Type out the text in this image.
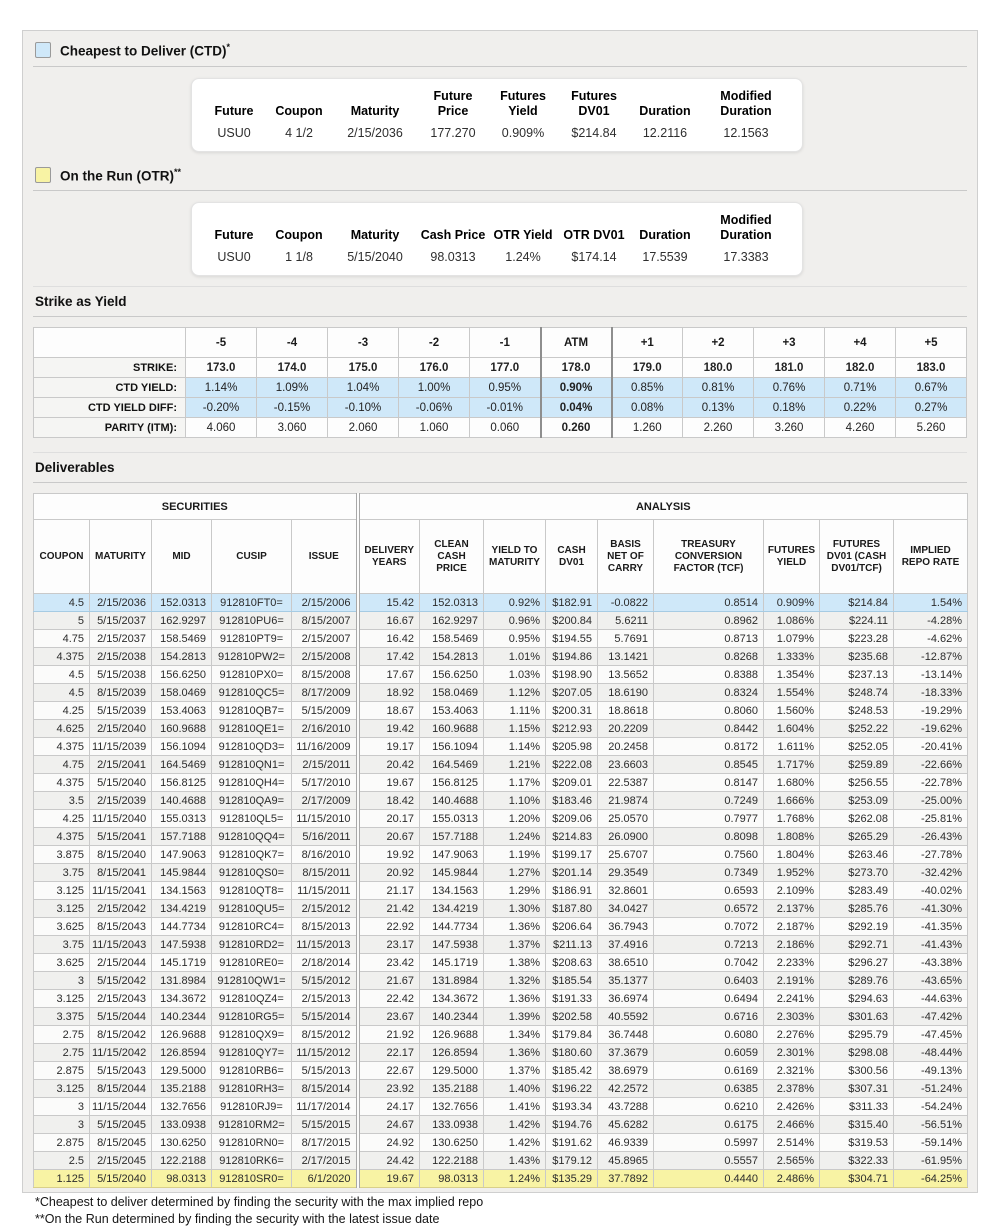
Cheapest to Deliver (CTD)*
Future	Coupon	Maturity	Future Price	Futures Yield	Futures DV01	Duration	Modified Duration
USU0	4 1/2	2/15/2036	177.270	0.909%	$214.84	12.2116	12.1563
On the Run (OTR)**
Future	Coupon	Maturity	Cash Price	OTR Yield	OTR DV01	Duration	Modified Duration
USU0	1 1/8	5/15/2040	98.0313	1.24%	$174.14	17.5539	17.3383
Strike as Yield
	-5	-4	-3	-2	-1	ATM	+1	+2	+3	+4	+5
STRIKE:	173.0	174.0	175.0	176.0	177.0	178.0	179.0	180.0	181.0	182.0	183.0
CTD YIELD:	1.14%	1.09%	1.04%	1.00%	0.95%	0.90%	0.85%	0.81%	0.76%	0.71%	0.67%
CTD YIELD DIFF:	-0.20%	-0.15%	-0.10%	-0.06%	-0.01%	0.04%	0.08%	0.13%	0.18%	0.22%	0.27%
PARITY (ITM):	4.060	3.060	2.060	1.060	0.060	0.260	1.260	2.260	3.260	4.260	5.260
Deliverables
SECURITIES					ANALYSIS								
COUPON	MATURITY	MID	CUSIP	ISSUE	DELIVERY YEARS	CLEAN CASH PRICE	YIELD TO MATURITY	CASH DV01	BASIS NET OF CARRY	TREASURY CONVERSION FACTOR (TCF)	FUTURES YIELD	FUTURES DV01 (CASH DV01/TCF)	IMPLIED REPO RATE
4.5	2/15/2036	152.0313	912810FT0=	2/15/2006	15.42	152.0313	0.92%	$182.91	-0.0822	0.8514	0.909%	$214.84	1.54%
5	5/15/2037	162.9297	912810PU6=	8/15/2007	16.67	162.9297	0.96%	$200.84	5.6211	0.8962	1.086%	$224.11	-4.28%
4.75	2/15/2037	158.5469	912810PT9=	2/15/2007	16.42	158.5469	0.95%	$194.55	5.7691	0.8713	1.079%	$223.28	-4.62%
4.375	2/15/2038	154.2813	912810PW2=	2/15/2008	17.42	154.2813	1.01%	$194.86	13.1421	0.8268	1.333%	$235.68	-12.87%
4.5	5/15/2038	156.6250	912810PX0=	8/15/2008	17.67	156.6250	1.03%	$198.90	13.5652	0.8388	1.354%	$237.13	-13.14%
4.5	8/15/2039	158.0469	912810QC5=	8/17/2009	18.92	158.0469	1.12%	$207.05	18.6190	0.8324	1.554%	$248.74	-18.33%
4.25	5/15/2039	153.4063	912810QB7=	5/15/2009	18.67	153.4063	1.11%	$200.31	18.8618	0.8060	1.560%	$248.53	-19.29%
4.625	2/15/2040	160.9688	912810QE1=	2/16/2010	19.42	160.9688	1.15%	$212.93	20.2209	0.8442	1.604%	$252.22	-19.62%
4.375	11/15/2039	156.1094	912810QD3=	11/16/2009	19.17	156.1094	1.14%	$205.98	20.2458	0.8172	1.611%	$252.05	-20.41%
4.75	2/15/2041	164.5469	912810QN1=	2/15/2011	20.42	164.5469	1.21%	$222.08	23.6603	0.8545	1.717%	$259.89	-22.66%
4.375	5/15/2040	156.8125	912810QH4=	5/17/2010	19.67	156.8125	1.17%	$209.01	22.5387	0.8147	1.680%	$256.55	-22.78%
3.5	2/15/2039	140.4688	912810QA9=	2/17/2009	18.42	140.4688	1.10%	$183.46	21.9874	0.7249	1.666%	$253.09	-25.00%
4.25	11/15/2040	155.0313	912810QL5=	11/15/2010	20.17	155.0313	1.20%	$209.06	25.0570	0.7977	1.768%	$262.08	-25.81%
4.375	5/15/2041	157.7188	912810QQ4=	5/16/2011	20.67	157.7188	1.24%	$214.83	26.0900	0.8098	1.808%	$265.29	-26.43%
3.875	8/15/2040	147.9063	912810QK7=	8/16/2010	19.92	147.9063	1.19%	$199.17	25.6707	0.7560	1.804%	$263.46	-27.78%
3.75	8/15/2041	145.9844	912810QS0=	8/15/2011	20.92	145.9844	1.27%	$201.14	29.3549	0.7349	1.952%	$273.70	-32.42%
3.125	11/15/2041	134.1563	912810QT8=	11/15/2011	21.17	134.1563	1.29%	$186.91	32.8601	0.6593	2.109%	$283.49	-40.02%
3.125	2/15/2042	134.4219	912810QU5=	2/15/2012	21.42	134.4219	1.30%	$187.80	34.0427	0.6572	2.137%	$285.76	-41.30%
3.625	8/15/2043	144.7734	912810RC4=	8/15/2013	22.92	144.7734	1.36%	$206.64	36.7943	0.7072	2.187%	$292.19	-41.35%
3.75	11/15/2043	147.5938	912810RD2=	11/15/2013	23.17	147.5938	1.37%	$211.13	37.4916	0.7213	2.186%	$292.71	-41.43%
3.625	2/15/2044	145.1719	912810RE0=	2/18/2014	23.42	145.1719	1.38%	$208.63	38.6510	0.7042	2.233%	$296.27	-43.38%
3	5/15/2042	131.8984	912810QW1=	5/15/2012	21.67	131.8984	1.32%	$185.54	35.1377	0.6403	2.191%	$289.76	-43.65%
3.125	2/15/2043	134.3672	912810QZ4=	2/15/2013	22.42	134.3672	1.36%	$191.33	36.6974	0.6494	2.241%	$294.63	-44.63%
3.375	5/15/2044	140.2344	912810RG5=	5/15/2014	23.67	140.2344	1.39%	$202.58	40.5592	0.6716	2.303%	$301.63	-47.42%
2.75	8/15/2042	126.9688	912810QX9=	8/15/2012	21.92	126.9688	1.34%	$179.84	36.7448	0.6080	2.276%	$295.79	-47.45%
2.75	11/15/2042	126.8594	912810QY7=	11/15/2012	22.17	126.8594	1.36%	$180.60	37.3679	0.6059	2.301%	$298.08	-48.44%
2.875	5/15/2043	129.5000	912810RB6=	5/15/2013	22.67	129.5000	1.37%	$185.42	38.6979	0.6169	2.321%	$300.56	-49.13%
3.125	8/15/2044	135.2188	912810RH3=	8/15/2014	23.92	135.2188	1.40%	$196.22	42.2572	0.6385	2.378%	$307.31	-51.24%
3	11/15/2044	132.7656	912810RJ9=	11/17/2014	24.17	132.7656	1.41%	$193.34	43.7288	0.6210	2.426%	$311.33	-54.24%
3	5/15/2045	133.0938	912810RM2=	5/15/2015	24.67	133.0938	1.42%	$194.76	45.6282	0.6175	2.466%	$315.40	-56.51%
2.875	8/15/2045	130.6250	912810RN0=	8/17/2015	24.92	130.6250	1.42%	$191.62	46.9339	0.5997	2.514%	$319.53	-59.14%
2.5	2/15/2045	122.2188	912810RK6=	2/17/2015	24.42	122.2188	1.43%	$179.12	45.8965	0.5557	2.565%	$322.33	-61.95%
1.125	5/15/2040	98.0313	912810SR0=	6/1/2020	19.67	98.0313	1.24%	$135.29	37.7892	0.4440	2.486%	$304.71	-64.25%
*Cheapest to deliver determined by finding the security with the max implied repo
**On the Run determined by finding the security with the latest issue date
